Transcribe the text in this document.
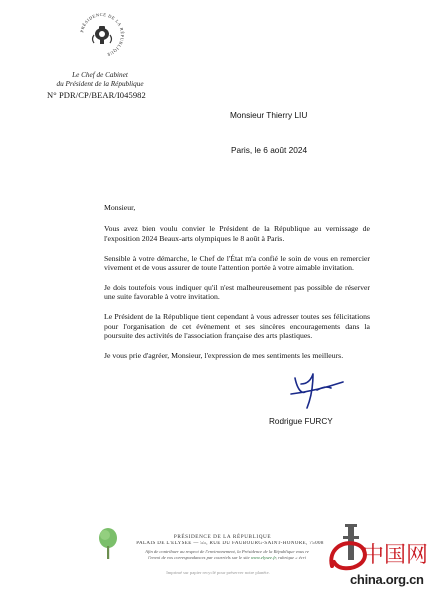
PRÉSIDENCE DE LA RÉPUBLIQUE
Le Chef de Cabinet
du Président de la République
N° PDR/CP/BEAR/I045982
Monsieur Thierry LIU
Paris, le 6 août 2024

Monsieur,

Vous avez bien voulu convier le Président de la République au vernissage de l'exposition 2024 Beaux-arts olympiques le 8 août à Paris.

Sensible à votre démarche, le Chef de l'État m'a confié le soin de vous en remercier vivement et de vous assurer de toute l'attention portée à votre aimable invitation.

Je dois toutefois vous indiquer qu'il n'est malheureusement pas possible de réserver une suite favorable à votre invitation.

Le Président de la République tient cependant à vous adresser toutes ses félicitations pour l'organisation de cet évènement et ses sincères encouragements dans la poursuite des activités de l'association française des arts plastiques.

Je vous prie d'agréer, Monsieur, l'expression de mes sentiments les meilleurs.

Rodrigue FURCY
PRÉSIDENCE DE LA RÉPUBLIQUE
PALAIS DE L'ÉLYSÉE — 55, RUE DU FAUBOURG-SAINT-HONORÉ, 75008
Afin de contribuer au respect de l'environnement, la Présidence de la République vous re
l'envoi de vos correspondances par courriels sur le site www.elysee.fr, rubrique « écri
Imprimé sur papier recyclé pour préserver notre planète.
中国网
china.org.cn
